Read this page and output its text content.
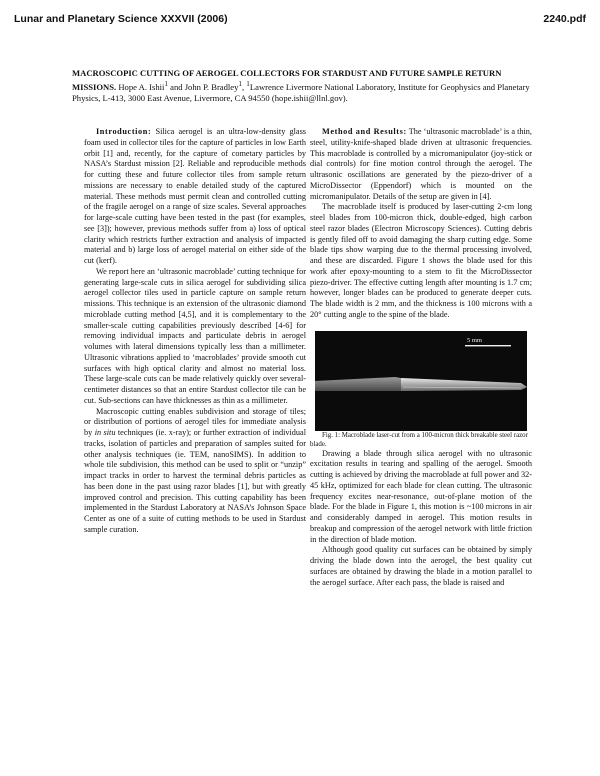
Lunar and Planetary Science XXXVII (2006)	2240.pdf
MACROSCOPIC CUTTING OF AEROGEL COLLECTORS FOR STARDUST AND FUTURE SAMPLE RETURN MISSIONS. Hope A. Ishii$^1$ and John P. Bradley$^1$, $^1$Lawrence Livermore National Laboratory, Institute for Geophysics and Planetary Physics, L-413, 3000 East Avenue, Livermore, CA 94550 (hope.ishii@llnl.gov).

Introduction: Silica aerogel is an ultra-low-density glass foam used in collector tiles for the capture of particles in low Earth orbit [1] and, recently, for the capture of cometary particles by NASA’s Stardust mission [2]. Reliable and reproducible methods for cutting these and future collector tiles from sample return missions are necessary to enable detailed study of the captured material. These methods must permit clean and controlled cutting of the fragile aerogel on a range of size scales. Several approaches for large-scale cutting have been tested in the past (for examples, see [3]); however, previous methods suffer from a) loss of optical clarity which restricts further extraction and analysis of impacted material and b) large loss of aerogel material on either side of the cut (kerf).

We report here an ‘ultrasonic macroblade’ cutting technique for generating large-scale cuts in silica aerogel for subdividing silica aerogel collector tiles used in particle capture on sample return missions. This technique is an extension of the ultrasonic diamond microblade cutting method [4,5], and it is complementary to the smaller-scale cutting capabilities previously described [4-6] for removing individual impacts and particulate debris in aerogel volumes with lateral dimensions typically less than a millimeter. Ultrasonic vibrations applied to ‘macroblades’ provide smooth cut surfaces with high optical clarity and almost no material loss. These large-scale cuts can be made relatively quickly over several-centimeter distances so that an entire Stardust collector tile can be cut. Sub-sections can have thicknesses as thin as a millimeter.

Macroscopic cutting enables subdivision and storage of tiles; or distribution of portions of aerogel tiles for immediate analysis by in situ techniques (ie. x-ray); or further extraction of individual tracks, isolation of particles and preparation of samples suited for other analysis techniques (ie. TEM, nanoSIMS). In addition to whole tile subdivision, this method can be used to split or “unzip” impact tracks in order to harvest the terminal debris particles as has been done in the past using razor blades [1], but with greatly improved control and precision. This cutting capability has been implemented in the Stardust Laboratory at NASA’s Johnson Space Center as one of a suite of cutting methods to be used in Stardust sample curation.

Method and Results: The ‘ultrasonic macroblade’ is a thin, steel, utility-knife-shaped blade driven at ultrasonic frequencies. This macroblade is controlled by a micromanipulator (joy-stick or dial controls) for fine motion control through the aerogel. The ultrasonic oscillations are generated by the piezo-driver of a MicroDissector (Eppendorf) which is mounted on the micromanipulator. Details of the setup are given in [4].

The macroblade itself is produced by laser-cutting 2-cm long steel blades from 100-micron thick, double-edged, high carbon steel razor blades (Electron Microscopy Sciences). Cutting debris is gently filed off to avoid damaging the sharp cutting edge. Some blade tips show warping due to the thermal processing involved, and these are discarded. Figure 1 shows the blade used for this work after epoxy-mounting to a stem to fit the MicroDissector piezo-driver. The effective cutting length after mounting is 1.7 cm; however, longer blades can be produced to generate deeper cuts. The blade width is 2 mm, and the thickness is 100 microns with a 20° cutting angle to the spine of the blade.

5 mm

Fig. 1: Macroblade laser-cut from a 100-micron thick breakable steel razor blade.

Drawing a blade through silica aerogel with no ultrasonic excitation results in tearing and spalling of the aerogel. Smooth cutting is achieved by driving the macroblade at full power and 32-45 kHz, optimized for each blade for clean cutting. The ultrasonic frequency excites near-resonance, out-of-plane motion of the blade. For the blade in Figure 1, this motion is ~100 microns in air and considerably damped in aerogel. This motion results in breakup and compression of the aerogel network with little friction in the direction of blade motion.

Although good quality cut surfaces can be obtained by simply driving the blade down into the aerogel, the best quality cut surfaces are obtained by drawing the blade in a motion parallel to the aerogel surface. After each pass, the blade is raised and
